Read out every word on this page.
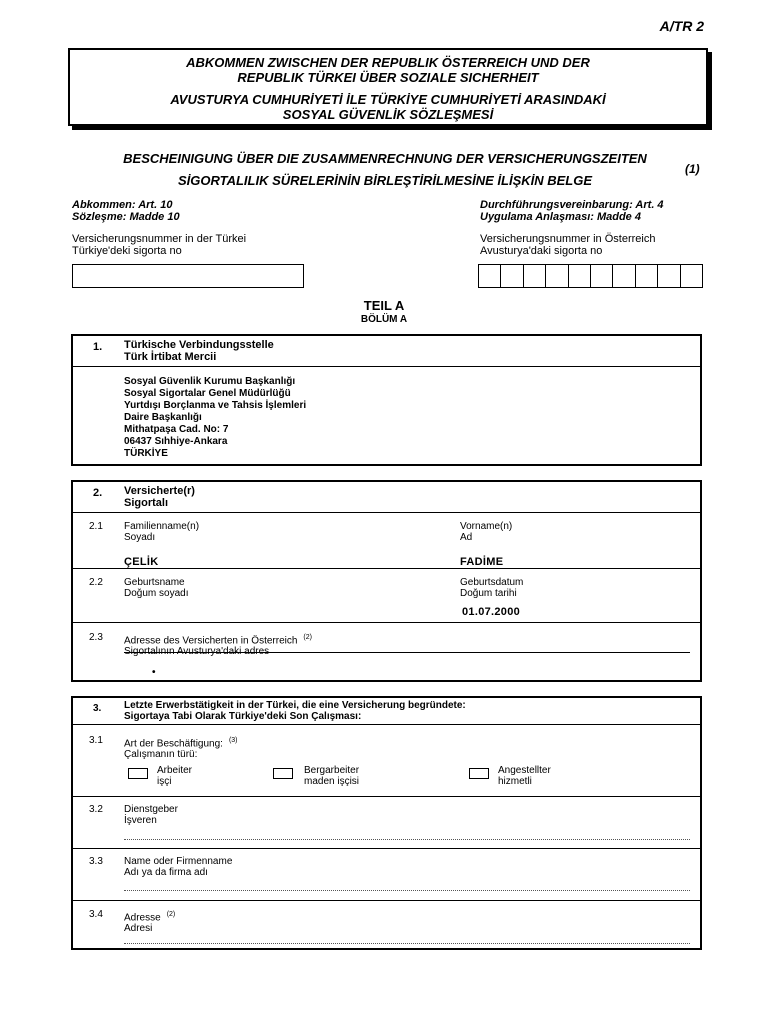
A/TR 2
ABKOMMEN ZWISCHEN DER REPUBLIK ÖSTERREICH UND DER
REPUBLIK TÜRKEI ÜBER SOZIALE SICHERHEIT
AVUSTURYA CUMHURİYETİ İLE TÜRKİYE CUMHURİYETİ ARASINDAKİ
SOSYAL GÜVENLİK SÖZLEŞMESİ
BESCHEINIGUNG ÜBER DIE ZUSAMMENRECHNUNG DER VERSICHERUNGSZEITEN
SİGORTALILIK SÜRELERİNİN BİRLEŞTİRİLMESİNE İLİŞKİN BELGE
(1)
Abkommen: Art. 10
Sözleşme: Madde 10
Durchführungsvereinbarung: Art. 4
Uygulama Anlaşması: Madde 4
Versicherungsnummer in der Türkei
Türkiye'deki sigorta no
Versicherungsnummer in Österreich
Avusturya'daki sigorta no
TEIL A
BÖLÜM A
1. Türkische Verbindungsstelle
Türk İrtibat Mercii
Sosyal Güvenlik Kurumu Başkanlığı
Sosyal Sigortalar Genel Müdürlüğü
Yurtdışı Borçlanma ve Tahsis İşlemleri
Daire Başkanlığı
Mithatpaşa Cad. No: 7
06437 Sıhhiye-Ankara
TÜRKİYE
2. Versicherte(r)
Sigortalı
2.1 Familienname(n)
Soyadı
ÇELİK
Vorname(n)
Ad
FADİME
2.2 Geburtsname
Doğum soyadı
Geburtsdatum
Doğum tarihi
01.07.2000
2.3 Adresse des Versicherten in Österreich $^{(2)}$
Sigortalının Avusturya'daki adres
•
3. Letzte Erwerbstätigkeit in der Türkei, die eine Versicherung begründete:
Sigortaya Tabi Olarak Türkiye'deki Son Çalışması:
3.1 Art der Beschäftigung: $^{(3)}$
Çalışmanın türü:
Arbeiter
işçi
Bergarbeiter
maden işçisi
Angestellter
hizmetli
3.2 Dienstgeber
İşveren
3.3 Name oder Firmenname
Adı ya da firma adı
3.4 Adresse $^{(2)}$
Adresi
